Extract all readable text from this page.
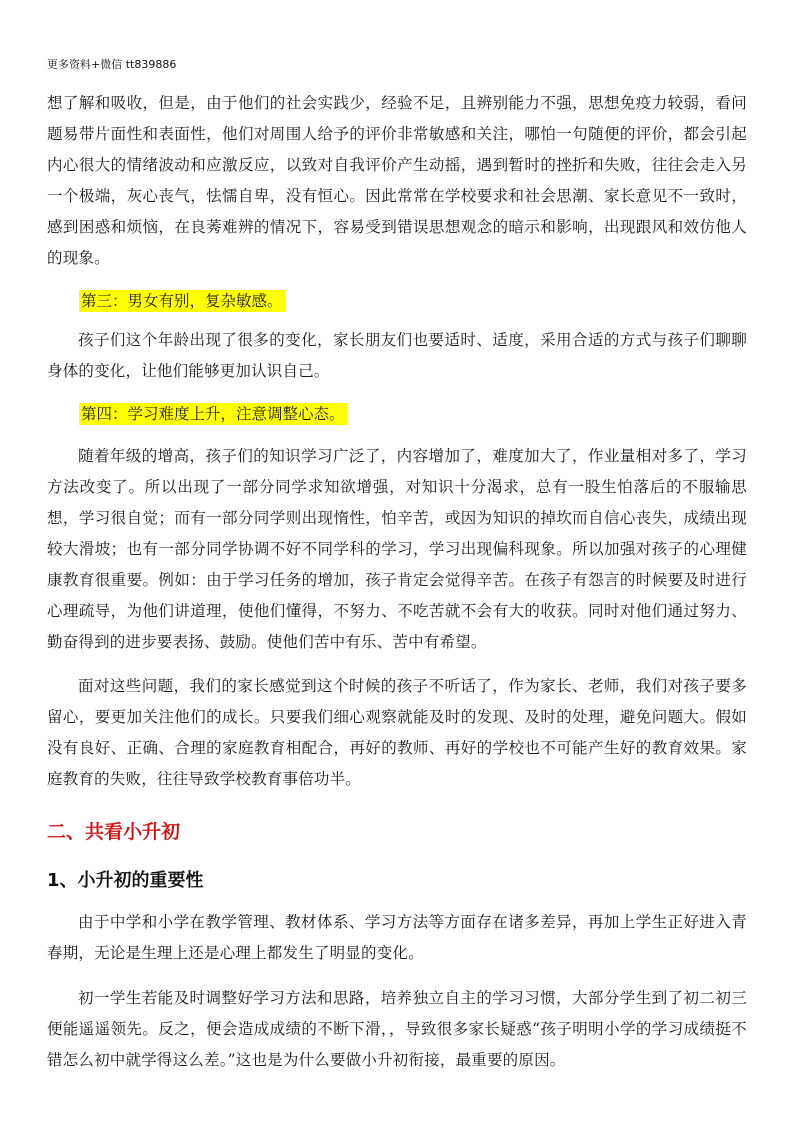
更多资料+微信 tt839886
想了解和吸收，但是，由于他们的社会实践少，经验不足，且辨别能力不强，思想免疫力较弱，看问题易带片面性和表面性，他们对周围人给予的评价非常敏感和关注，哪怕一句随便的评价，都会引起内心很大的情绪波动和应激反应，以致对自我评价产生动摇，遇到暂时的挫折和失败，往往会走入另一个极端，灰心丧气，怯懦自卑，没有恒心。因此常常在学校要求和社会思潮、家长意见不一致时，感到困惑和烦恼，在良莠难辨的情况下，容易受到错误思想观念的暗示和影响，出现跟风和效仿他人的现象。
第三：男女有别，复杂敏感。
孩子们这个年龄出现了很多的变化，家长朋友们也要适时、适度，采用合适的方式与孩子们聊聊身体的变化，让他们能够更加认识自己。
第四：学习难度上升，注意调整心态。
随着年级的增高，孩子们的知识学习广泛了，内容增加了，难度加大了，作业量相对多了，学习方法改变了。所以出现了一部分同学求知欲增强，对知识十分渴求，总有一股生怕落后的不服输思想，学习很自觉；而有一部分同学则出现惰性，怕辛苦，或因为知识的掉坎而自信心丧失，成绩出现较大滑坡；也有一部分同学协调不好不同学科的学习，学习出现偏科现象。所以加强对孩子的心理健康教育很重要。例如：由于学习任务的增加，孩子肯定会觉得辛苦。在孩子有怨言的时候要及时进行心理疏导，为他们讲道理，使他们懂得，不努力、不吃苦就不会有大的收获。同时对他们通过努力、勤奋得到的进步要表扬、鼓励。使他们苦中有乐、苦中有希望。
面对这些问题，我们的家长感觉到这个时候的孩子不听话了，作为家长、老师，我们对孩子要多留心，要更加关注他们的成长。只要我们细心观察就能及时的发现、及时的处理，避免问题大。假如没有良好、正确、合理的家庭教育相配合，再好的教师、再好的学校也不可能产生好的教育效果。家庭教育的失败，往往导致学校教育事倍功半。
二、共看小升初
1、小升初的重要性
由于中学和小学在教学管理、教材体系、学习方法等方面存在诸多差异，再加上学生正好进入青春期，无论是生理上还是心理上都发生了明显的变化。
初一学生若能及时调整好学习方法和思路，培养独立自主的学习习惯，大部分学生到了初二初三便能遥遥领先。反之，便会造成成绩的不断下滑，，导致很多家长疑惑“孩子明明小学的学习成绩挺不错怎么初中就学得这么差。”这也是为什么要做小升初衔接，最重要的原因。
